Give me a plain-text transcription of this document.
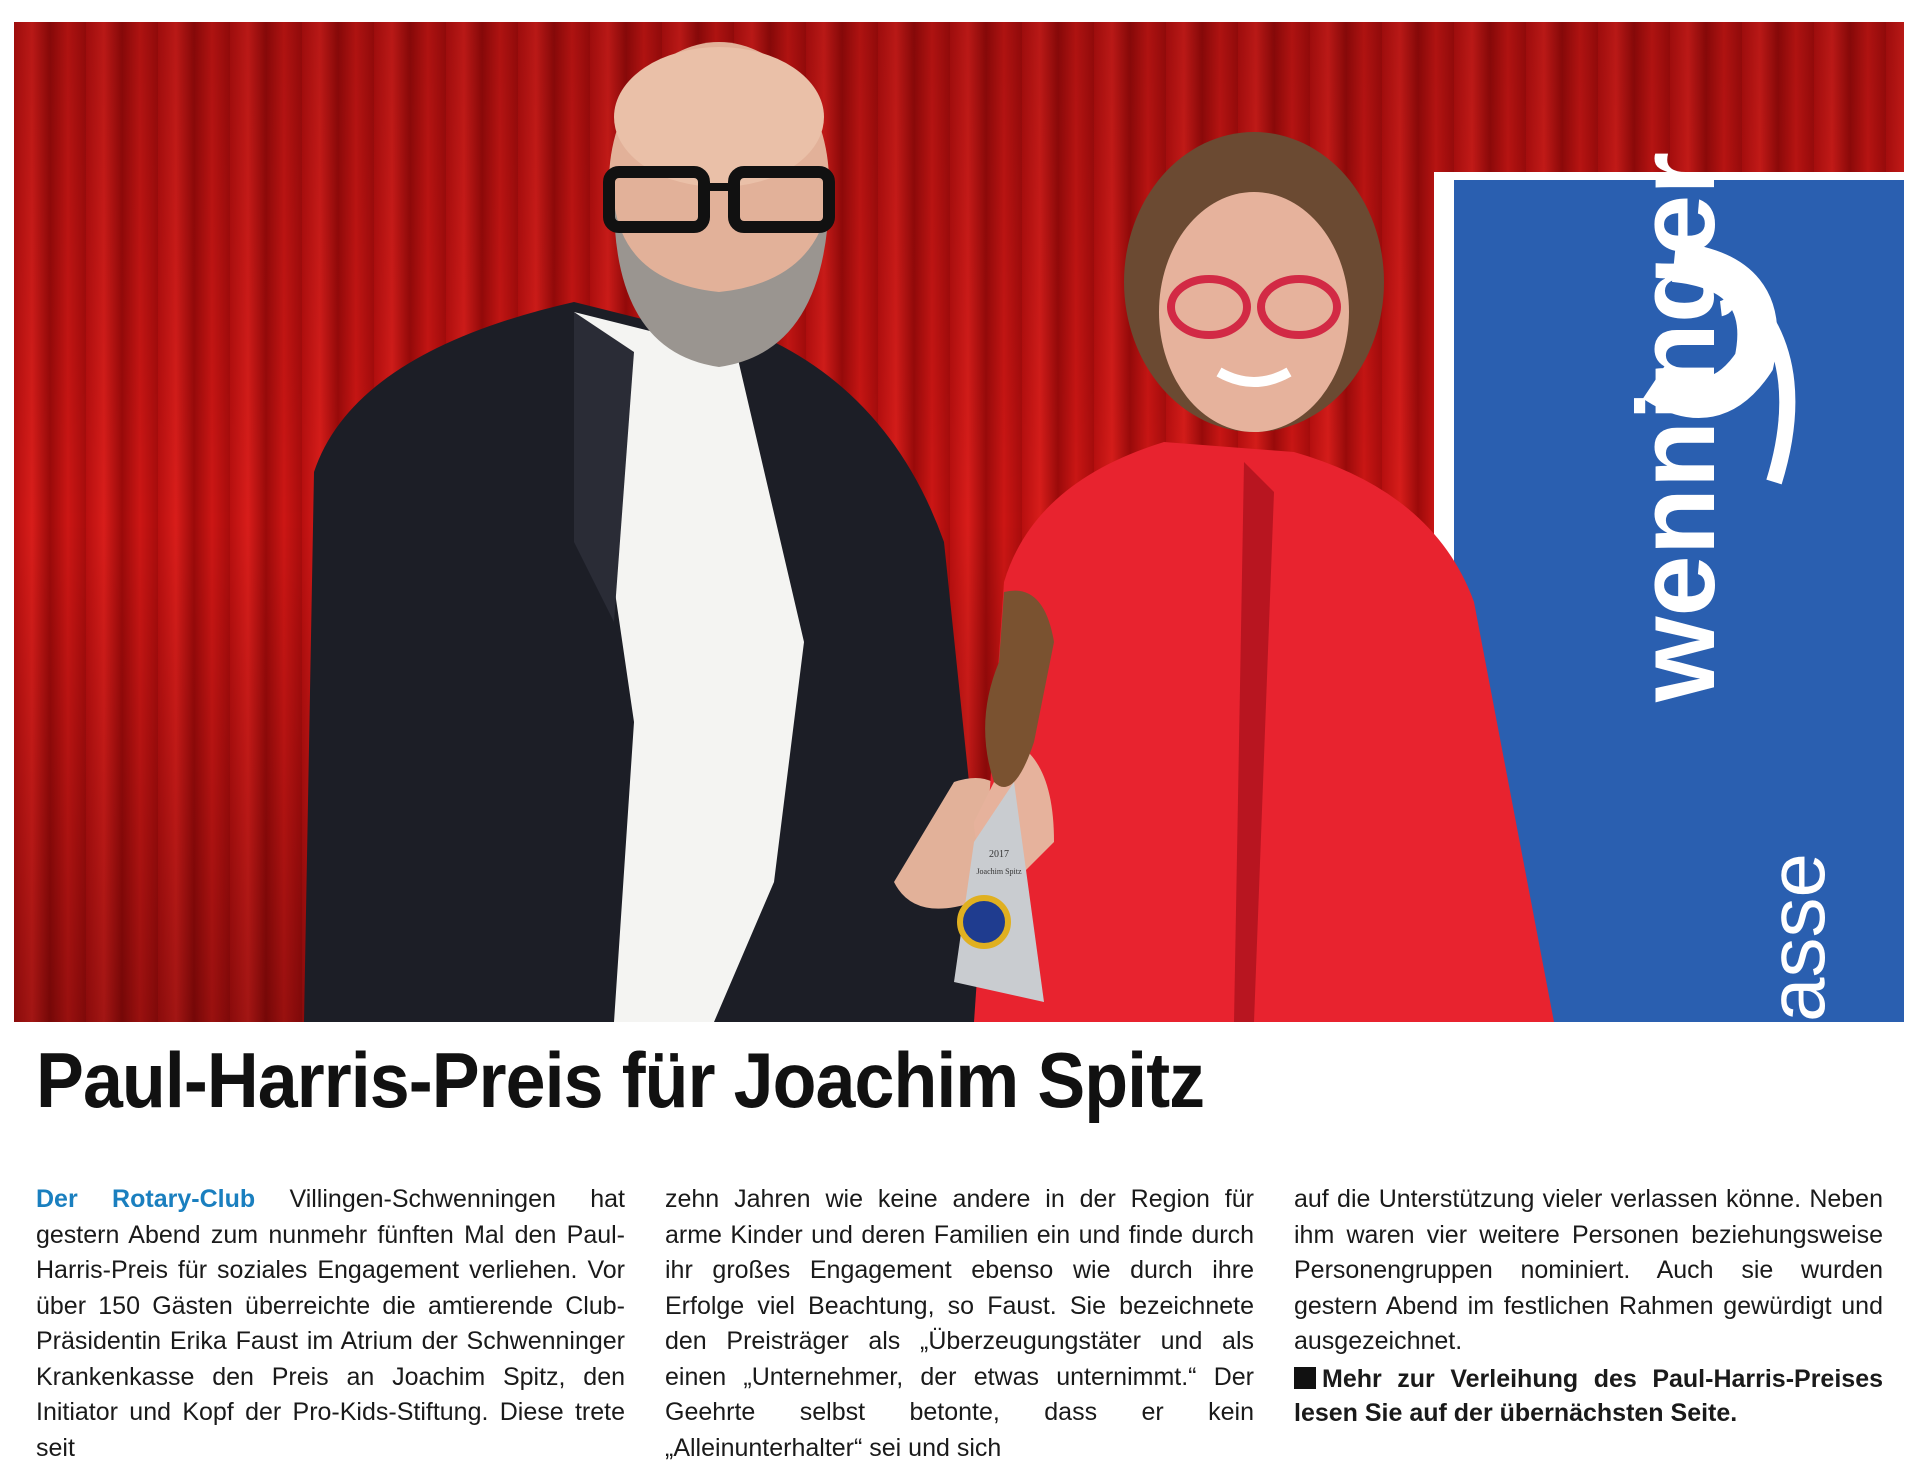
wenninger
asse
2017
Joachim Spitz
Paul-Harris-Preis für Joachim Spitz
Der Rotary-Club Villingen-Schwenningen hat gestern Abend zum nunmehr fünften Mal den Paul-Harris-Preis für soziales Engagement verliehen. Vor über 150 Gästen überreichte die amtierende Club-Präsidentin Erika Faust im Atrium der Schwenninger Krankenkasse den Preis an Joachim Spitz, den Initiator und Kopf der Pro-Kids-Stiftung. Diese trete seit
zehn Jahren wie keine andere in der Region für arme Kinder und deren Familien ein und finde durch ihr großes Engagement ebenso wie durch ihre Erfolge viel Beachtung, so Faust. Sie bezeichnete den Preisträger als „Überzeugungstäter und als einen „Unternehmer, der etwas unternimmt.“ Der Geehrte selbst betonte, dass er kein „Alleinunterhalter“ sei und sich
auf die Unterstützung vieler verlassen könne. Neben ihm waren vier weitere Personen beziehungsweise Personengruppen nominiert. Auch sie wurden gestern Abend im festlichen Rahmen gewürdigt und ausgezeichnet.
Mehr zur Verleihung des Paul-Harris-Preises lesen Sie auf der übernächsten Seite.
